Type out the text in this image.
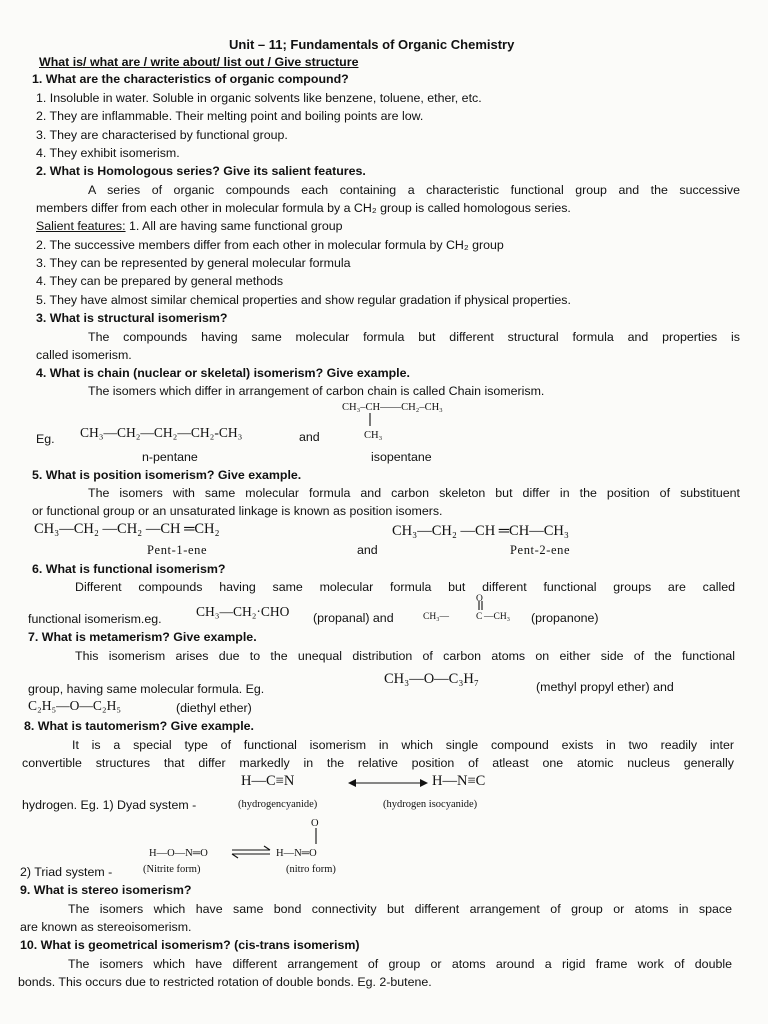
Unit – 11; Fundamentals of Organic Chemistry
What is/ what are / write about/ list out / Give structure
1. What are the characteristics of organic compound?
1. Insoluble in water. Soluble in organic solvents like benzene, toluene, ether, etc.
2. They are inflammable. Their melting point and boiling points are low.
3. They are characterised by functional group.
4. They exhibit isomerism.
2. What is Homologous series? Give its salient features.
A series of organic compounds each containing a characteristic functional group and the successive
members differ from each other in molecular formula by a CH₂ group is called homologous series.
Salient features: 1. All are having same functional group
2. The successive members differ from each other in molecular formula by CH₂ group
3. They can be represented by general molecular formula
4. They can be prepared by general methods
5. They have almost similar chemical properties and show regular gradation if physical properties.
3. What is structural isomerism?
The compounds having same molecular formula but different structural formula and properties is
called isomerism.
4. What is chain (nuclear or skeletal) isomerism? Give example.
The isomers which differ in arrangement of carbon chain is called Chain isomerism.
CH₃–CH——CH₂–CH₃
Eg. CH₃—CH₂—CH₂—CH₂-CH₃	and	CH₃
n-pentane	isopentane
5. What is position isomerism? Give example.
The isomers with same molecular formula and carbon skeleton but differ in the position of substituent
or functional group or an unsaturated linkage is known as position isomers.
CH₃—CH₂ —CH₂ —CH ═CH₂	CH₃—CH₂ —CH ═CH—CH₃
Pent-1-ene	and	Pent-2-ene
6. What is functional isomerism?
Different compounds having same molecular formula but different functional groups are called
functional isomerism.eg.	CH₃—CH₂·CHO (propanal) and	CH₃—
O
C —CH₃ (propanone)
7. What is metamerism? Give example.
This isomerism arises due to the unequal distribution of carbon atoms on either side of the functional
group, having same molecular formula. Eg.
CH₃—O—C₃H₇	(methyl propyl ether) and
C₂H₅—O—C₂H₅	(diethyl ether)
8. What is tautomerism? Give example.
It is a special type of functional isomerism in which single compound exists in two readily inter
convertible structures that differ markedly in the relative position of atleast one atomic nucleus generally
H—C≡N	H—N≡C
hydrogen. Eg. 1) Dyad system -	(hydrogencyanide)	(hydrogen isocyanide)
O
H—O—N═O	H—N═O
2) Triad system -	(Nitrite form)	(nitro form)
9. What is stereo isomerism?
The isomers which have same bond connectivity but different arrangement of group or atoms in space
are known as stereoisomerism.
10. What is geometrical isomerism? (cis-trans isomerism)
The isomers which have different arrangement of group or atoms around a rigid frame work of double
bonds. This occurs due to restricted rotation of double bonds. Eg. 2-butene.
